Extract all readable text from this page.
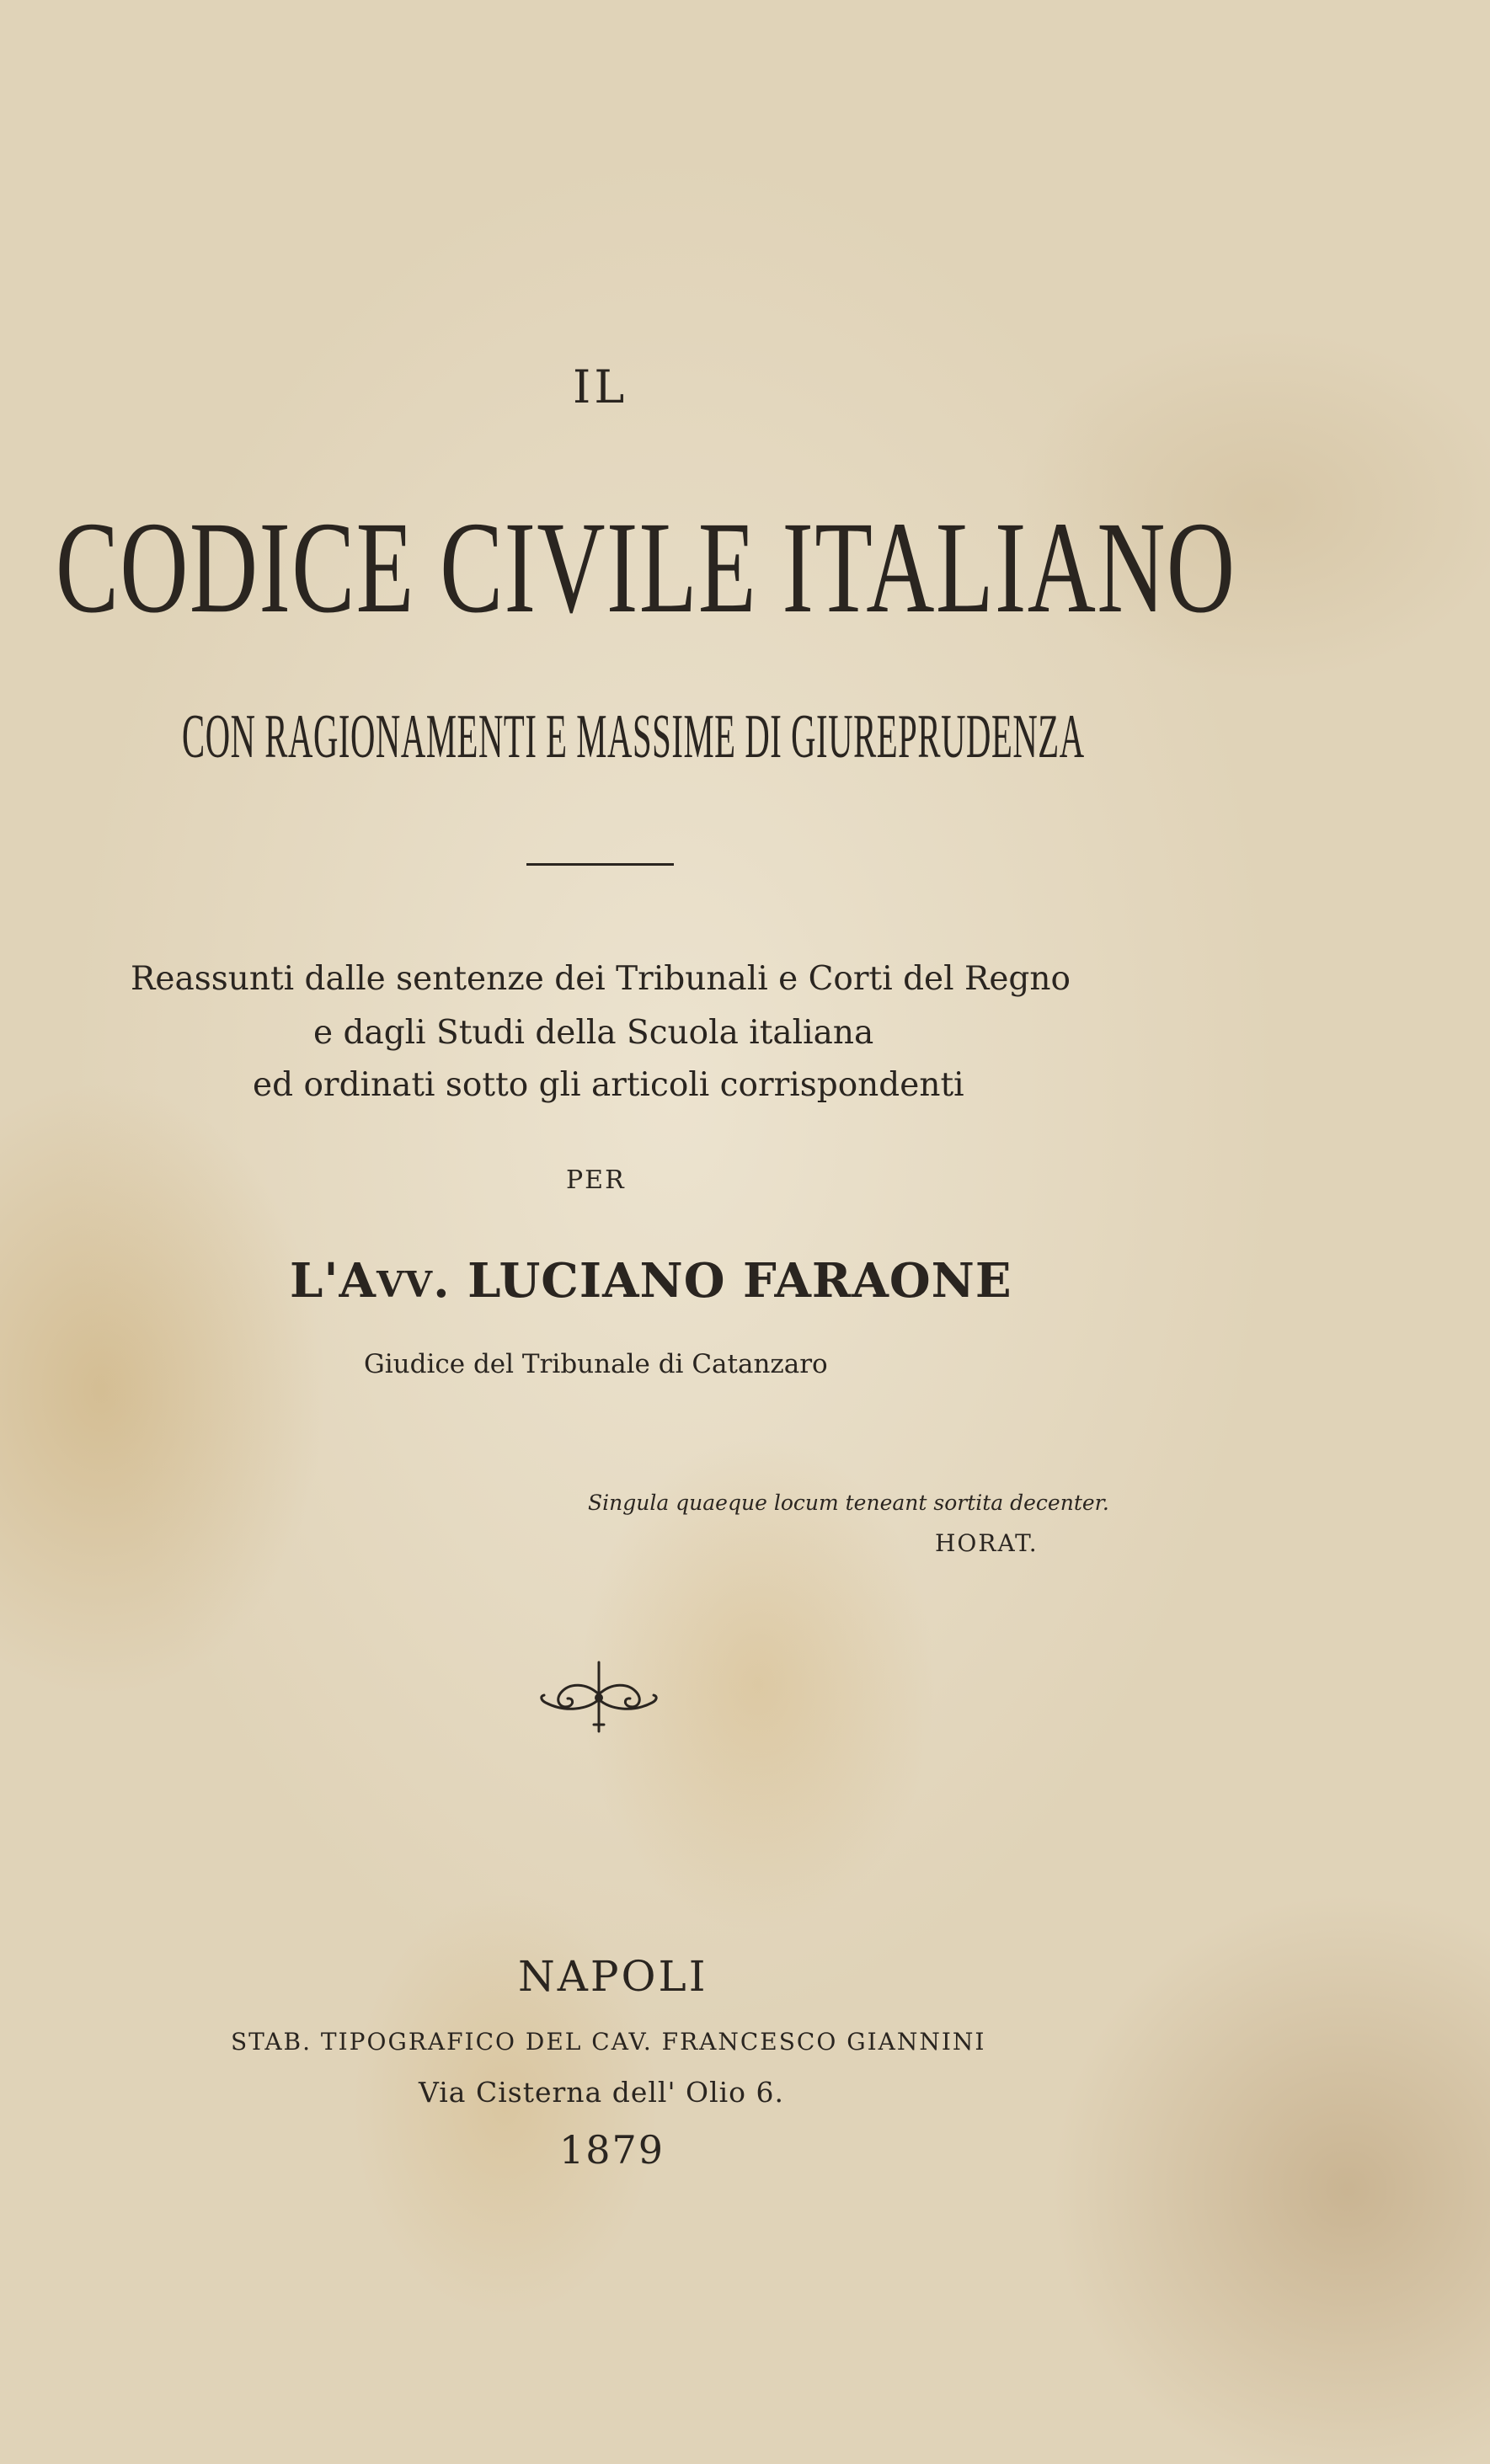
IL
CODICE CIVILE ITALIANO
CON RAGIONAMENTI E MASSIME DI GIUREPRUDENZA
Reassunti dalle sentenze dei Tribunali e Corti del Regno
e dagli Studi della Scuola italiana
ed ordinati sotto gli articoli corrispondenti
PER
L'AVV. LUCIANO FARAONE
Giudice del Tribunale di Catanzaro
Singula quaeque locum teneant sortita decenter.
HORAT.
NAPOLI
STAB. TIPOGRAFICO DEL CAV. FRANCESCO GIANNINI
Via Cisterna dell' Olio 6.
1879
